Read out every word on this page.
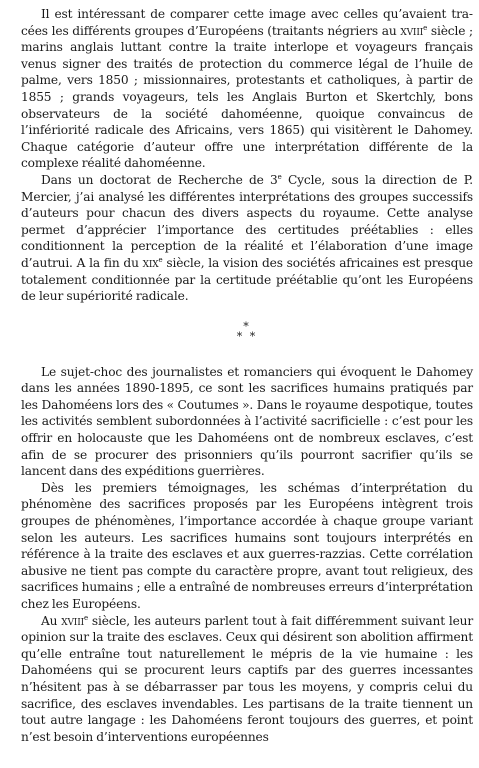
Il est intéressant de comparer cette image avec celles qu’avaient tracées les différents groupes d’Européens (traitants négriers au xviii$^e$ siècle ; marins anglais luttant contre la traite interlope et voyageurs français venus signer des traités de protection du commerce légal de l’huile de palme, vers 1850 ; missionnaires, protestants et catholiques, à partir de 1855 ; grands voyageurs, tels les Anglais Burton et Skertchly, bons observateurs de la société dahoméenne, quoique convaincus de l’infériorité radicale des Africains, vers 1865) qui visitèrent le Dahomey. Chaque catégorie d’auteur offre une interprétation différente de la complexe réalité dahoméenne.

Dans un doctorat de Recherche de 3e Cycle, sous la direction de P. Mercier, j’ai analysé les différentes interprétations des groupes successifs d’auteurs pour chacun des divers aspects du royaume. Cette analyse permet d’apprécier l’importance des certitudes préétablies : elles conditionnent la perception de la réalité et l’élaboration d’une image d’autrui. A la fin du xix$^e$ siècle, la vision des sociétés africaines est presque totalement conditionnée par la certitude préétablie qu’ont les Européens de leur supériorité radicale.

*
* *

Le sujet-choc des journalistes et romanciers qui évoquent le Dahomey dans les années 1890-1895, ce sont les sacrifices humains pratiqués par les Dahoméens lors des « Coutumes ». Dans le royaume despotique, toutes les activités semblent subordonnées à l’activité sacrificielle : c’est pour les offrir en holocauste que les Dahoméens ont de nombreux esclaves, c’est afin de se procurer des prisonniers qu’ils pourront sacrifier qu’ils se lancent dans des expéditions guerrières.

Dès les premiers témoignages, les schémas d’interprétation du phénomène des sacrifices proposés par les Européens intègrent trois groupes de phénomènes, l’importance accordée à chaque groupe variant selon les auteurs. Les sacrifices humains sont toujours interprétés en référence à la traite des esclaves et aux guerres-razzias. Cette corrélation abusive ne tient pas compte du caractère propre, avant tout religieux, des sacrifices humains ; elle a entraîné de nombreuses erreurs d’interprétation chez les Européens.

Au xviii$^e$ siècle, les auteurs parlent tout à fait différemment suivant leur opinion sur la traite des esclaves. Ceux qui désirent son abolition affirment qu’elle entraîne tout naturellement le mépris de la vie humaine : les Dahoméens qui se procurent leurs captifs par des guerres incessantes n’hésitent pas à se débarrasser par tous les moyens, y compris celui du sacrifice, des esclaves invendables. Les partisans de la traite tiennent un tout autre langage : les Dahoméens feront toujours des guerres, et point n’est besoin d’interventions européennes
